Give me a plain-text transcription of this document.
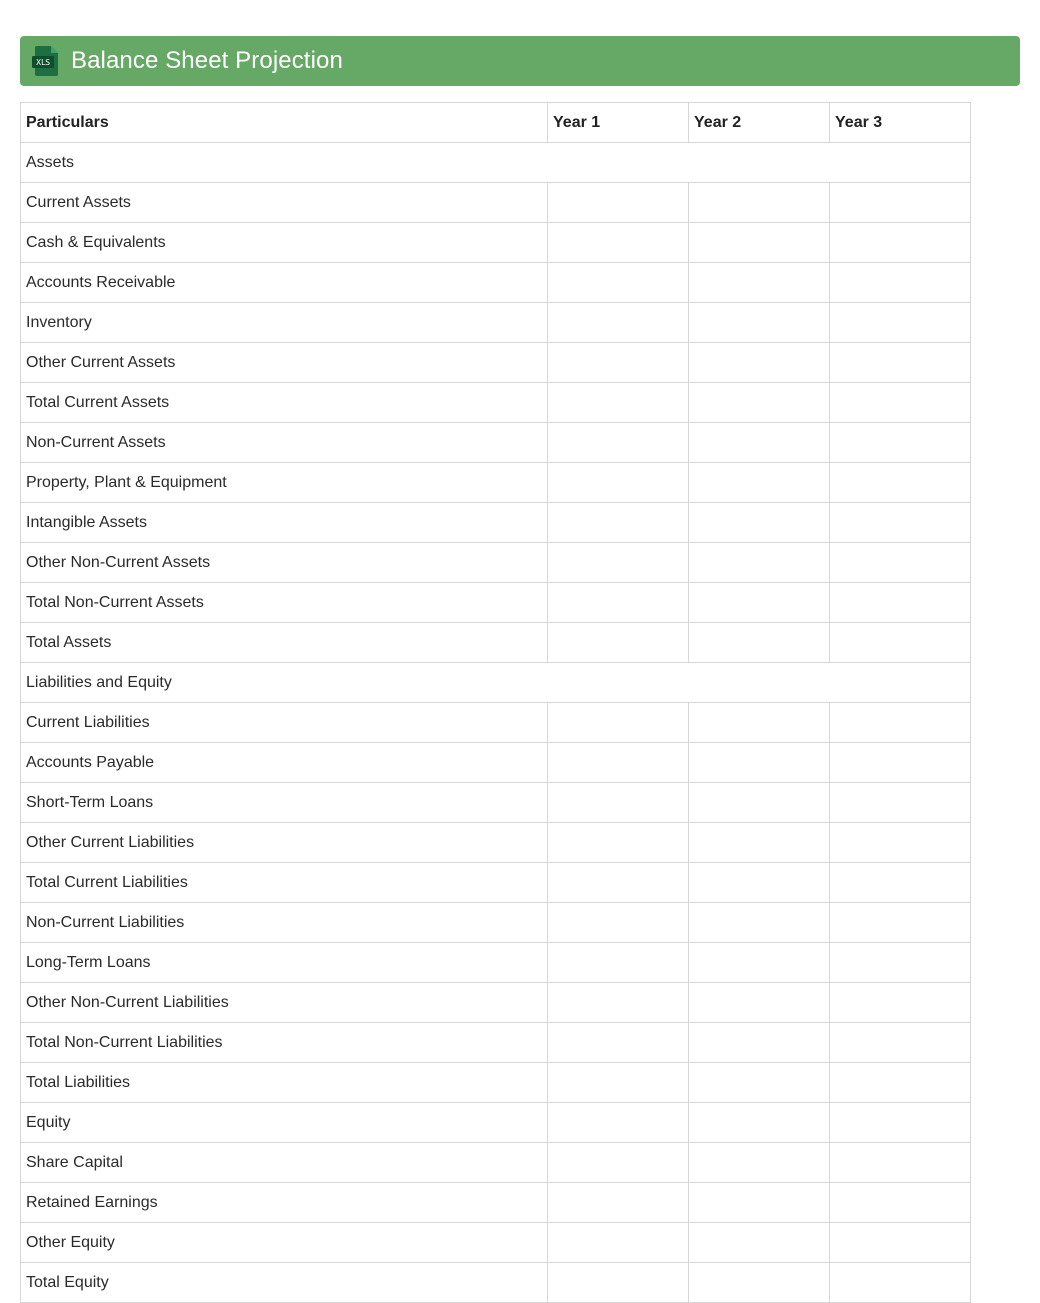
XLS Balance Sheet Projection
Particulars	Year 1	Year 2	Year 3
Assets			
Current Assets			
Cash & Equivalents			
Accounts Receivable			
Inventory			
Other Current Assets			
Total Current Assets			
Non-Current Assets			
Property, Plant & Equipment			
Intangible Assets			
Other Non-Current Assets			
Total Non-Current Assets			
Total Assets			
Liabilities and Equity			
Current Liabilities			
Accounts Payable			
Short-Term Loans			
Other Current Liabilities			
Total Current Liabilities			
Non-Current Liabilities			
Long-Term Loans			
Other Non-Current Liabilities			
Total Non-Current Liabilities			
Total Liabilities			
Equity			
Share Capital			
Retained Earnings			
Other Equity			
Total Equity			
